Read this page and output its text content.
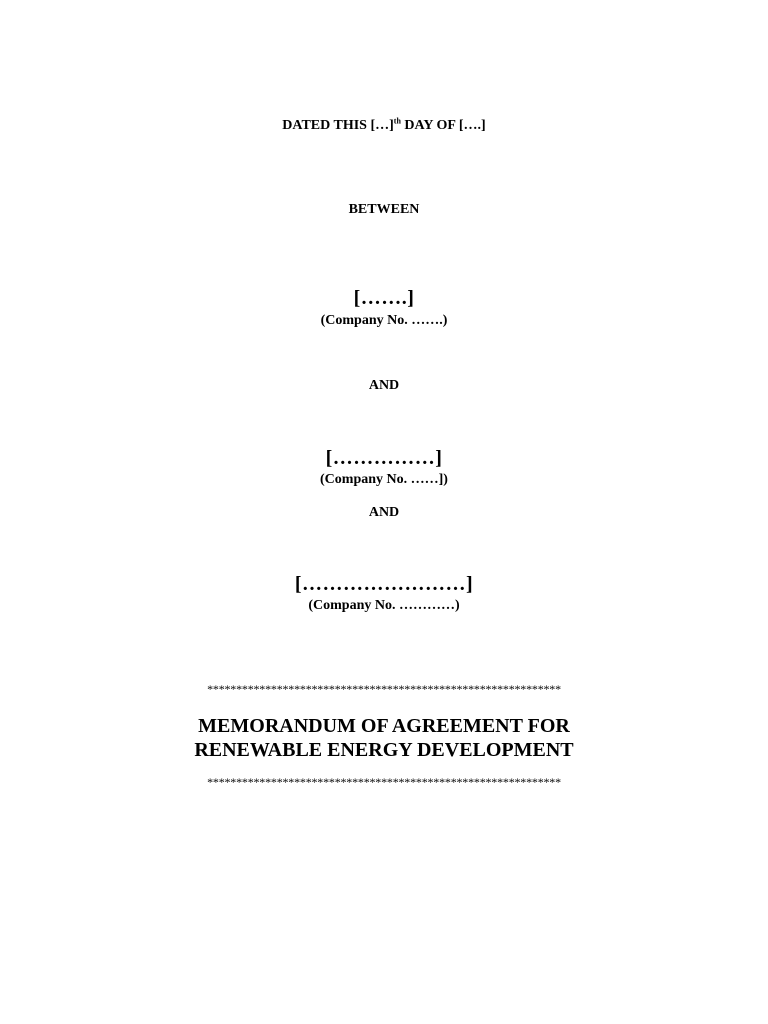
DATED THIS […]$^{th}$ DAY OF [….]
BETWEEN
[…….]
(Company No. …….)
AND
[……………]
(Company No. ……])
AND
[……………………]
(Company No. …………)
*************************************************************
MEMORANDUM OF AGREEMENT FOR
RENEWABLE ENERGY DEVELOPMENT
*************************************************************
